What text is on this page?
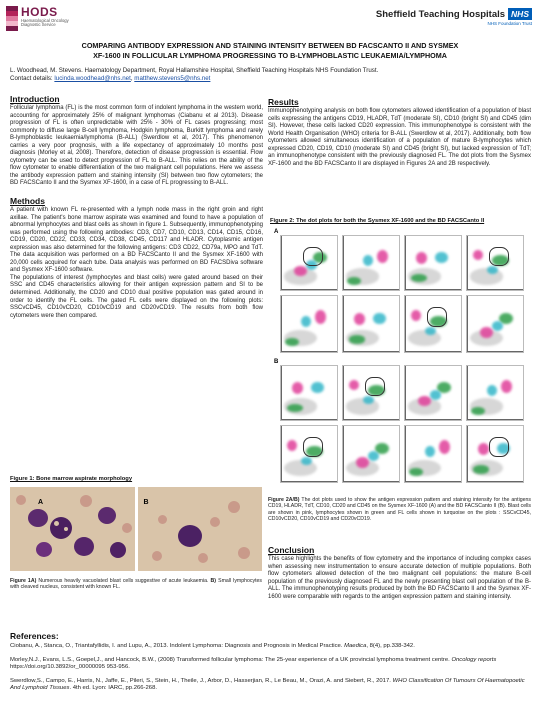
HODS
Haematological Oncology Diagnostic Service
Sheffield Teaching Hospitals NHS
NHS Foundation Trust
COMPARING ANTIBODY EXPRESSION AND STAINING INTENSITY BETWEEN BD FACSCANTO II AND SYSMEX
XF-1600 IN FOLLICULAR LYMPHOMA PROGRESSING TO B-LYMPHOBLASTIC LEUKAEMIA/LYMPHOMA
L. Woodhead, M. Stevens. Haematology Department, Royal Hallamshire Hospital, Sheffield Teaching Hospitals NHS Foundation Trust.
Contact details: lucinda.woodhead@nhs.net, matthew.stevens5@nhs.net
Introduction
Follicular lymphoma (FL) is the most common form of indolent lymphoma in the western world, accounting for approximately 25% of malignant lymphomas (Ciabanu et al 2013). Disease progression of FL is often unpredictable with 25% - 30% of FL cases progressing; most commonly to diffuse large B-cell lymphoma, Hodgkin lymphoma, Burkitt lymphoma and rarely B-lymphoblastic leukaemia/lymphoma (B-ALL) (Swerdlow et al, 2017). This phenomenon carries a very poor prognosis, with a life expectancy of approximately 10 months post diagnosis (Morley et al, 2008). Therefore, detection of disease progression is essential. Flow cytometry can be used to detect progression of FL to B-ALL. This relies on the ability of the flow cytometer to enable differentiation of the two malignant cell populations. Here we assess the antibody expression pattern and staining intensity (SI) between two flow cytometers; the BD FACSCanto II and the Sysmex XF-1600, in a case of FL progressing to B-ALL.
Methods
A patient with known FL re-presented with a lymph node mass in the right groin and right axillae. The patient's bone marrow aspirate was examined and found to have a population of abnormal lymphocytes and blast cells as shown in figure 1. Subsequently, immunophenotyping was performed using the following antibodies: CD3, CD7, CD10, CD13, CD14, CD15, CD16, CD19, CD20, CD22, CD33, CD34, CD38, CD45, CD117 and HLADR. Cytoplasmic antigen expression was also determined for the following antigens: CD3 CD22, CD79a, MPO and TdT. The data acquisition was performed on a BD FACSCanto II and the Sysmex XF-1600 with 20,000 cells acquired for each tube. Data analysis was performed on BD FACSDiva software and Sysmex XF-1600 software.
The populations of interest (lymphocytes and blast cells) were gated around based on their SSC and CD45 characteristics allowing for their antigen expression pattern and SI to be determined. Additionally, the CD20 and CD10 dual positive population was gated around in order to identify the FL cells. The gated FL cells were displayed on the following plots: SSCvCD45, CD10vCD20, CD10vCD19 and CD20vCD19. The results from both flow cytometers were then compared.
Figure 1: Bone marrow aspirate morphology
A	B
Figure 1A) Numerous heavily vacuolated blast cells suggestive of acute leukaemia. B) Small lymphocytes with cleaved nucleus, consistent with known FL.
Results
Immunophenotyping analysis on both flow cytometers allowed identification of a population of blast cells expressing the antigens CD19, HLADR, TdT (moderate SI), CD10 (bright SI) and CD45 (dim SI). However, these cells lacked CD20 expression. This immunophenotype is consistent with the World Health Organisation (WHO) criteria for B-ALL (Swerdlow et al, 2017). Additionally, both flow cytometers allowed simultaneous identification of a population of mature B-lymphocytes which expressed CD20, CD19, CD10 (moderate SI) and CD45 (bright SI), but lacked expression of TdT; an immunophenotype consistent with the previously diagnosed FL. The dot plots from the Sysmex XF-1600 and the BD FACSCanto II are displayed in Figures 2A and 2B respectively.
Figure 2: The dot plots for both the Sysmex XF-1600 and the BD FACSCanto II
A
B
Figure 2A/B) The dot plots used to show the antigen expression pattern and staining intensity for the antigens CD19, HLADR, TdT, CD10, CD20 and CD45 on the Sysmex XF-1600 (A) and the BD FACSCanto II (B). Blast cells are shown in pink, lymphocytes shown in green and FL cells shown in turquoise on the plots : SSCvCD45, CD10vCD20, CD10vCD19 and CD20vCD19.
Conclusion
This case highlights the benefits of flow cytometry and the importance of including complex cases when assessing new instrumentation to ensure accurate detection of multiple populations. Both flow cytometers allowed detection of the two malignant cell populations: the mature B-cell population of the previously diagnosed FL and the newly presenting blast cell population of the B-ALL. The immunophenotyping results produced by both the BD FACSCanto II and the Sysmex XF-1600 were comparable with regards to the antigen expression pattern and staining intensity.
References:
Ciobanu, A., Stanca, O., Triantafyllidis, I. and Lupu, A., 2013. Indolent Lymphoma: Diagnosis and Prognosis in Medical Practice. Maedica, 8(4), pp.338-342.
Morley,N.J., Evans, L.S., Goepel,J., and Hancock, B.W., (2008) Transformed follicular lymphoma: The 25-year experience of a UK provincial lymphoma treatment centre. Oncology reports https://doi.org/10.3892/or_00000095 953-956.
Swerdlow,S., Campo, E., Harris, N., Jaffe, E., Pileri, S., Stein, H., Theile, J., Arbor, D., Hasserjian, R., Le Beau, M., Orazi, A. and Siebert, R., 2017. WHO Classification Of Tumours Of Haematopoetic And Lymphoid Tissues. 4th ed. Lyon: IARC, pp.266-268.
